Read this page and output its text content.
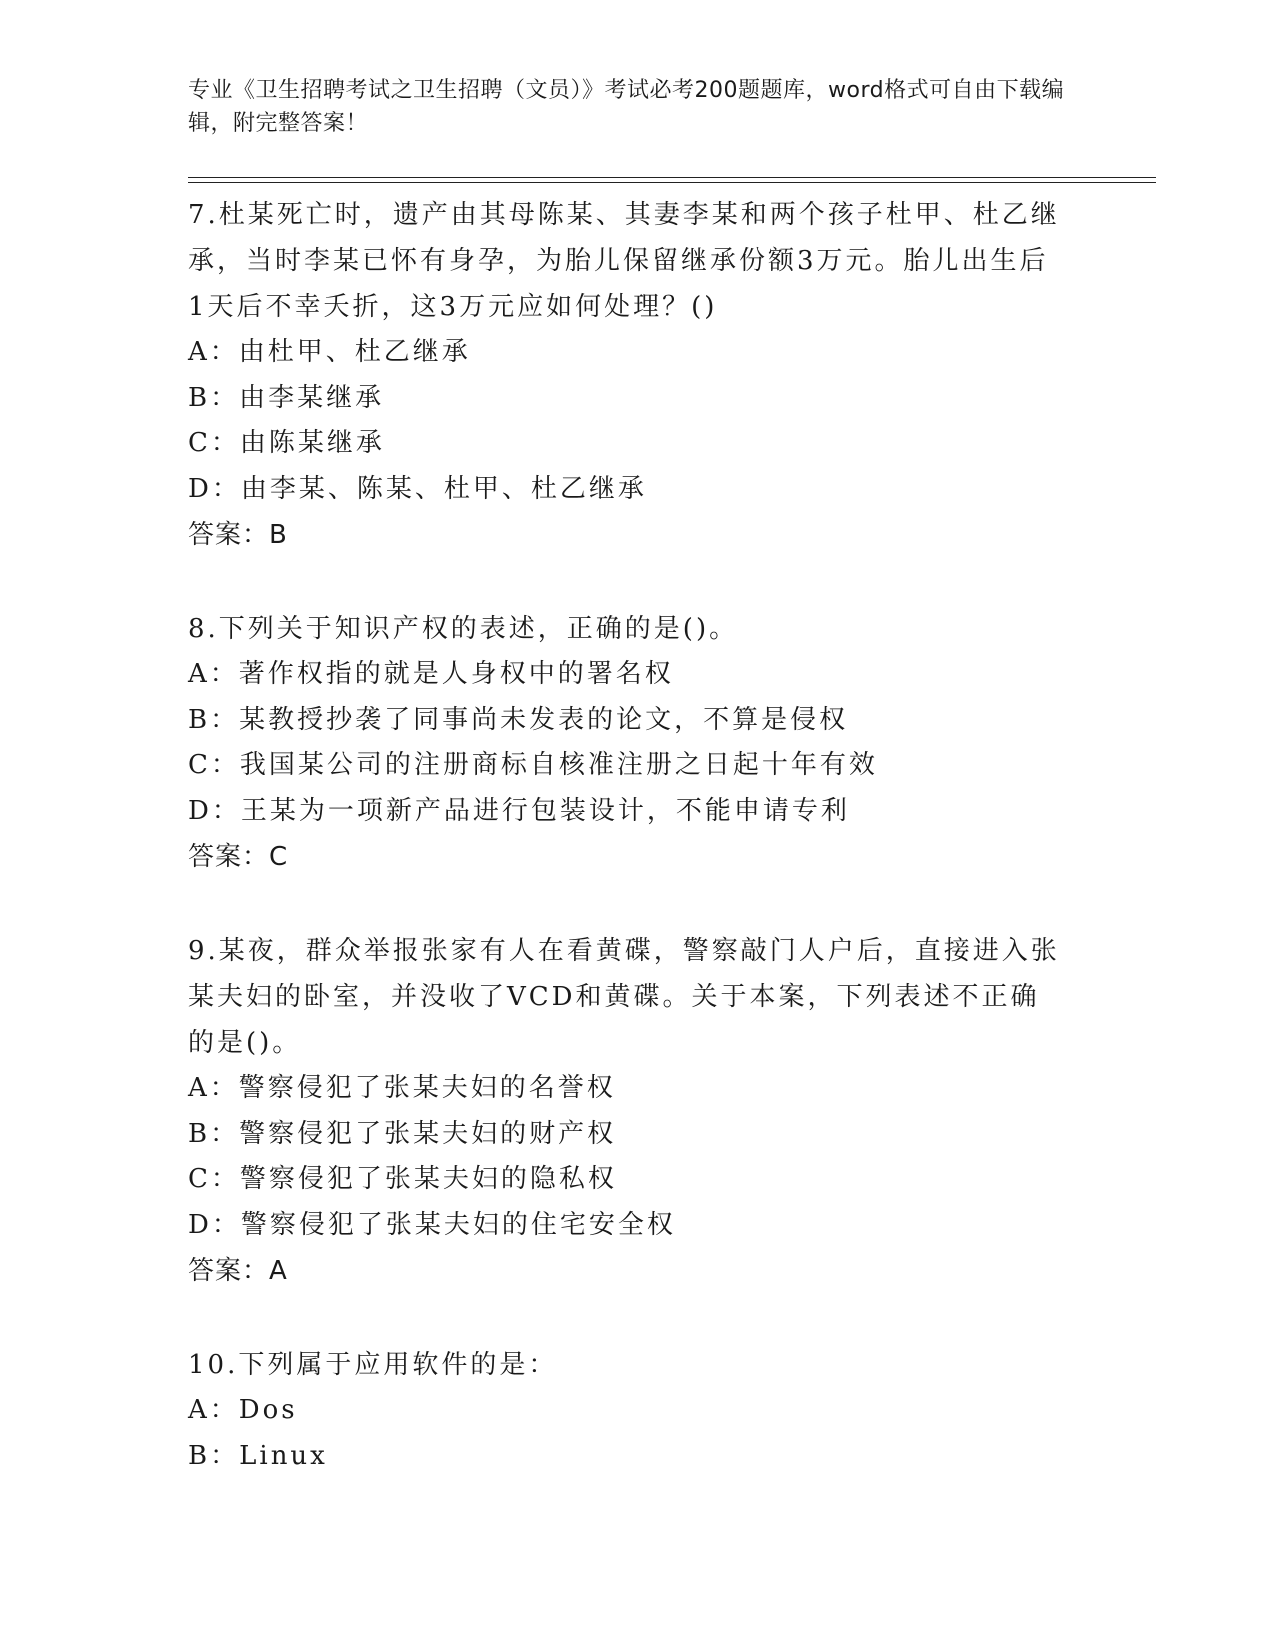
专业《卫生招聘考试之卫生招聘（文员）》考试必考200题题库，word格式可自由下载编辑，附完整答案！

7.杜某死亡时，遗产由其母陈某、其妻李某和两个孩子杜甲、杜乙继承，当时李某已怀有身孕，为胎儿保留继承份额3万元。胎儿出生后1天后不幸夭折，这3万元应如何处理？()

A：由杜甲、杜乙继承

B：由李某继承

C：由陈某继承

D：由李某、陈某、杜甲、杜乙继承

答案：B

8.下列关于知识产权的表述，正确的是()。

A：著作权指的就是人身权中的署名权

B：某教授抄袭了同事尚未发表的论文，不算是侵权

C：我国某公司的注册商标自核准注册之日起十年有效

D：王某为一项新产品进行包装设计，不能申请专利

答案：C

9.某夜，群众举报张家有人在看黄碟，警察敲门人户后，直接进入张某夫妇的卧室，并没收了VCD和黄碟。关于本案，下列表述不正确的是()。

A：警察侵犯了张某夫妇的名誉权

B：警察侵犯了张某夫妇的财产权

C：警察侵犯了张某夫妇的隐私权

D：警察侵犯了张某夫妇的住宅安全权

答案：A

10.下列属于应用软件的是：

A：Dos

B：Linux
